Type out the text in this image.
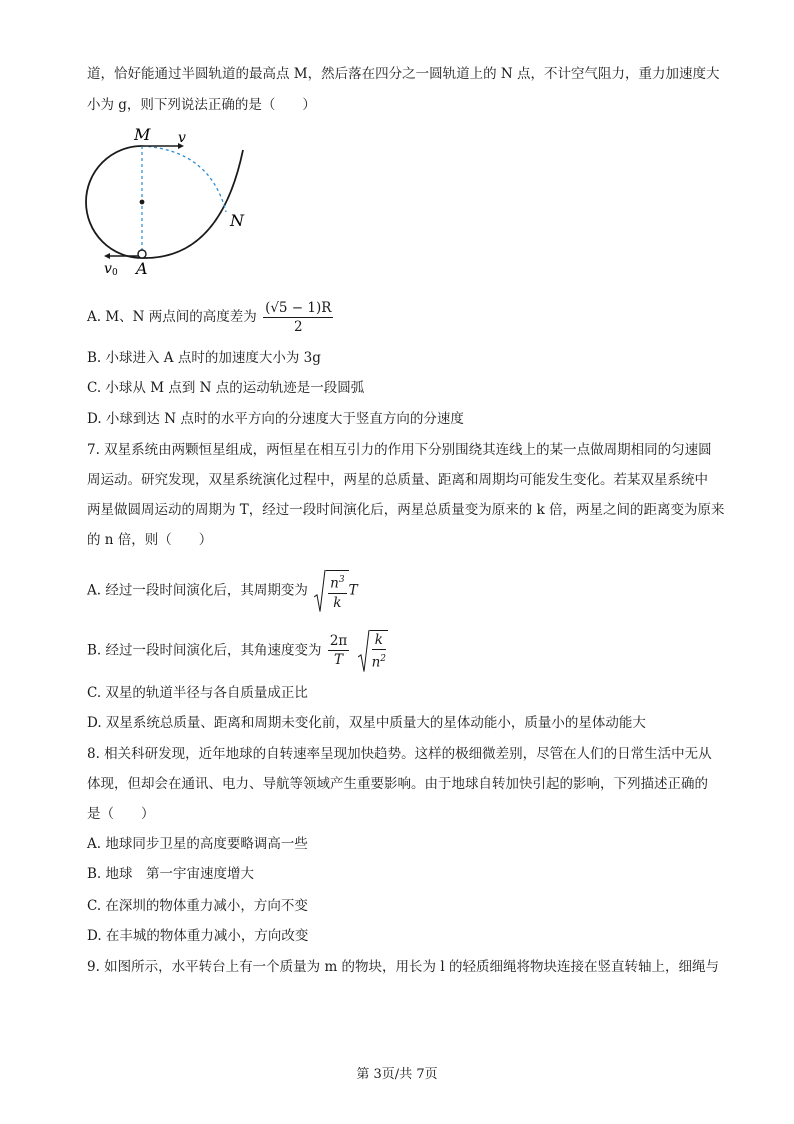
道，恰好能通过半圆轨道的最高点 M，然后落在四分之一圆轨道上的 N 点，不计空气阻力，重力加速度大
小为 g，则下列说法正确的是（　　）
M v
N
v 0 A
A. M、N 两点间的高度差为 $\frac{(√5 - 1)R}{2}$
B. 小球进入 A 点时的加速度大小为 3g
C. 小球从 M 点到 N 点的运动轨迹是一段圆弧
D. 小球到达 N 点时的水平方向的分速度大于竖直方向的分速度
7. 双星系统由两颗恒星组成，两恒星在相互引力的作用下分别围绕其连线上的某一点做周期相同的匀速圆
周运动。研究发现，双星系统演化过程中，两星的总质量、距离和周期均可能发生变化。若某双星系统中
两星做圆周运动的周期为 T，经过一段时间演化后，两星总质量变为原来的 k 倍，两星之间的距离变为原来
的 n 倍，则（　　）
A. 经过一段时间演化后，其周期变为 $\frac{n^3}{k}$ T
B. 经过一段时间演化后，其角速度变为 $\frac{2\pi}{T}$
$\frac{k}{n^2}$
C. 双星的轨道半径与各自质量成正比
D. 双星系统总质量、距离和周期未变化前，双星中质量大的星体动能小，质量小的星体动能大
8. 相关科研发现，近年地球的自转速率呈现加快趋势。这样的极细微差别，尽管在人们的日常生活中无从
体现，但却会在通讯、电力、导航等领域产生重要影响。由于地球自转加快引起的影响，下列描述正确的
是（　　）
A. 地球同步卫星的高度要略调高一些
B. 地球　第一宇宙速度增大
C. 在深圳的物体重力减小，方向不变
D. 在丰城的物体重力减小，方向改变
9. 如图所示，水平转台上有一个质量为 m 的物块，用长为 l 的轻质细绳将物块连接在竖直转轴上，细绳与
第 3页/共 7页
